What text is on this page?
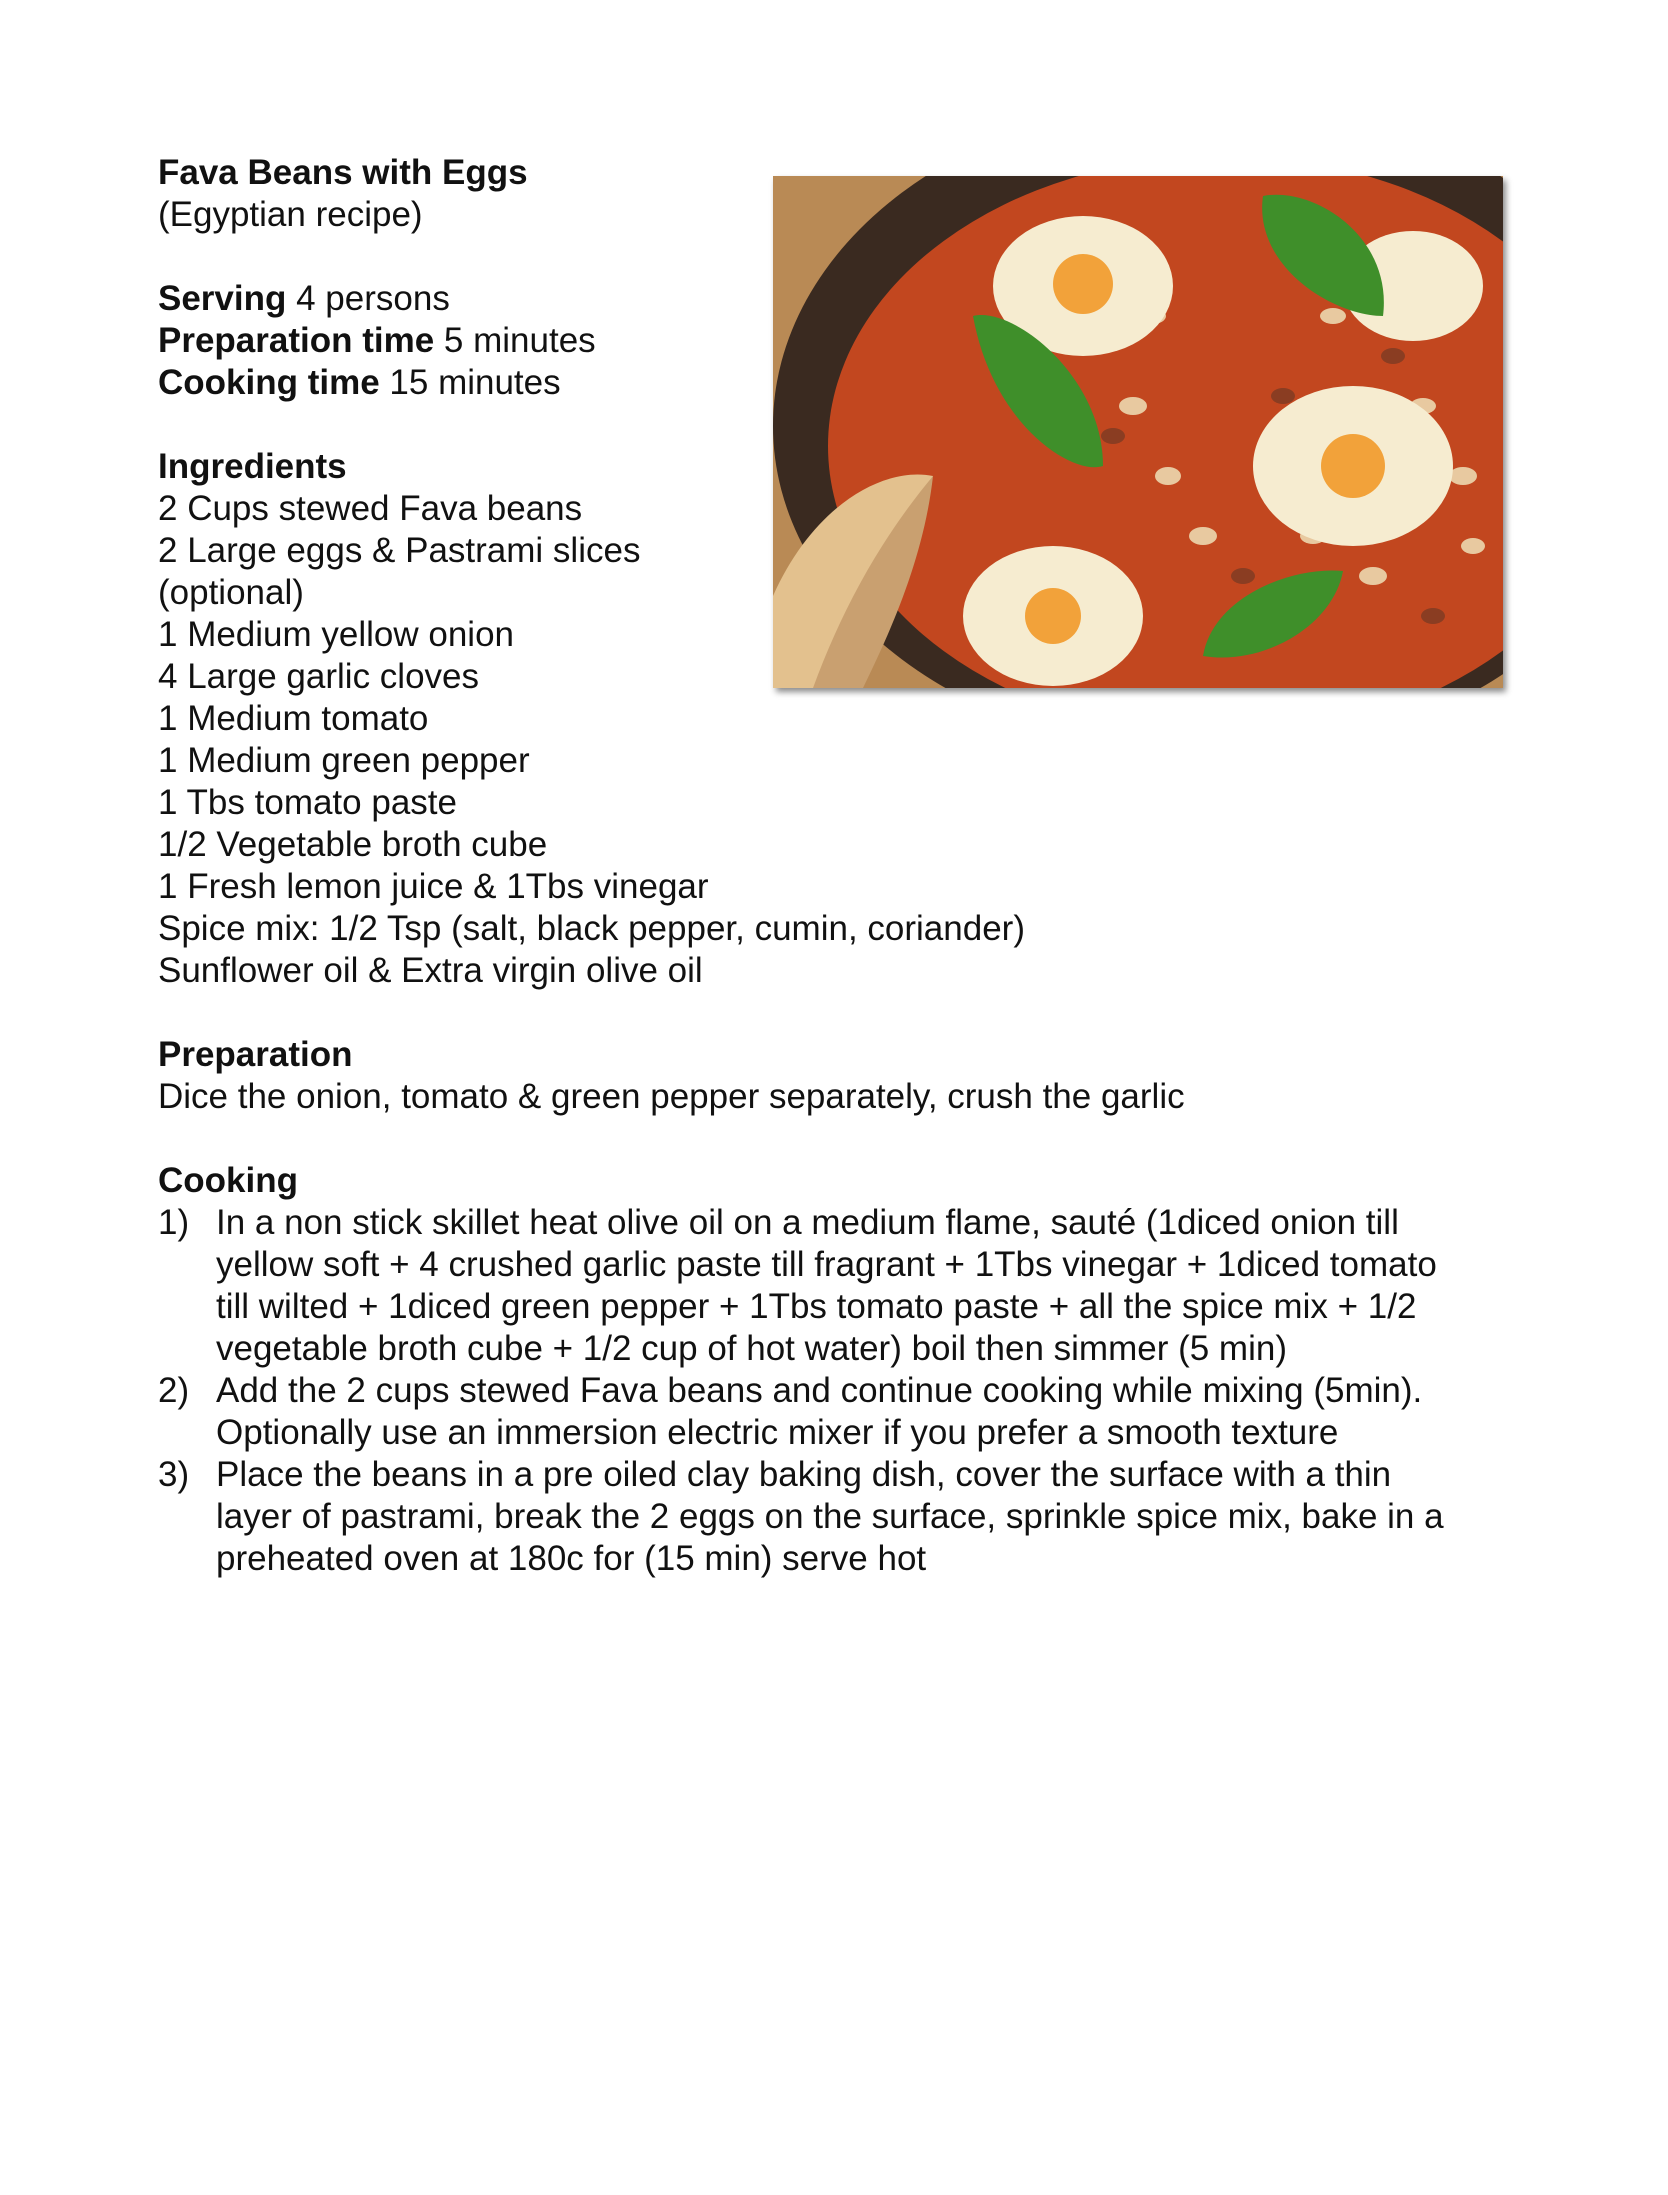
Fava Beans with Eggs
(Egyptian recipe)
Serving 4 persons
Preparation time 5 minutes
Cooking time 15 minutes
Ingredients
2 Cups stewed Fava beans
2 Large eggs & Pastrami slices
(optional)
1 Medium yellow onion
4 Large garlic cloves
1 Medium tomato
1 Medium green pepper
1 Tbs tomato paste
1/2 Vegetable broth cube
1 Fresh lemon juice & 1Tbs vinegar
Spice mix: 1/2 Tsp (salt, black pepper, cumin, coriander)
Sunflower oil & Extra virgin olive oil
Preparation
Dice the onion, tomato & green pepper separately, crush the garlic
Cooking
1) In a non stick skillet heat olive oil on a medium flame, sauté (1diced onion till
yellow soft + 4 crushed garlic paste till fragrant + 1Tbs vinegar + 1diced tomato
till wilted + 1diced green pepper + 1Tbs tomato paste + all the spice mix + 1/2
vegetable broth cube + 1/2 cup of hot water) boil then simmer (5 min)
2) Add the 2 cups stewed Fava beans and continue cooking while mixing (5min).
Optionally use an immersion electric mixer if you prefer a smooth texture
3) Place the beans in a pre oiled clay baking dish, cover the surface with a thin
layer of pastrami, break the 2 eggs on the surface, sprinkle spice mix, bake in a
preheated oven at 180c for (15 min) serve hot
